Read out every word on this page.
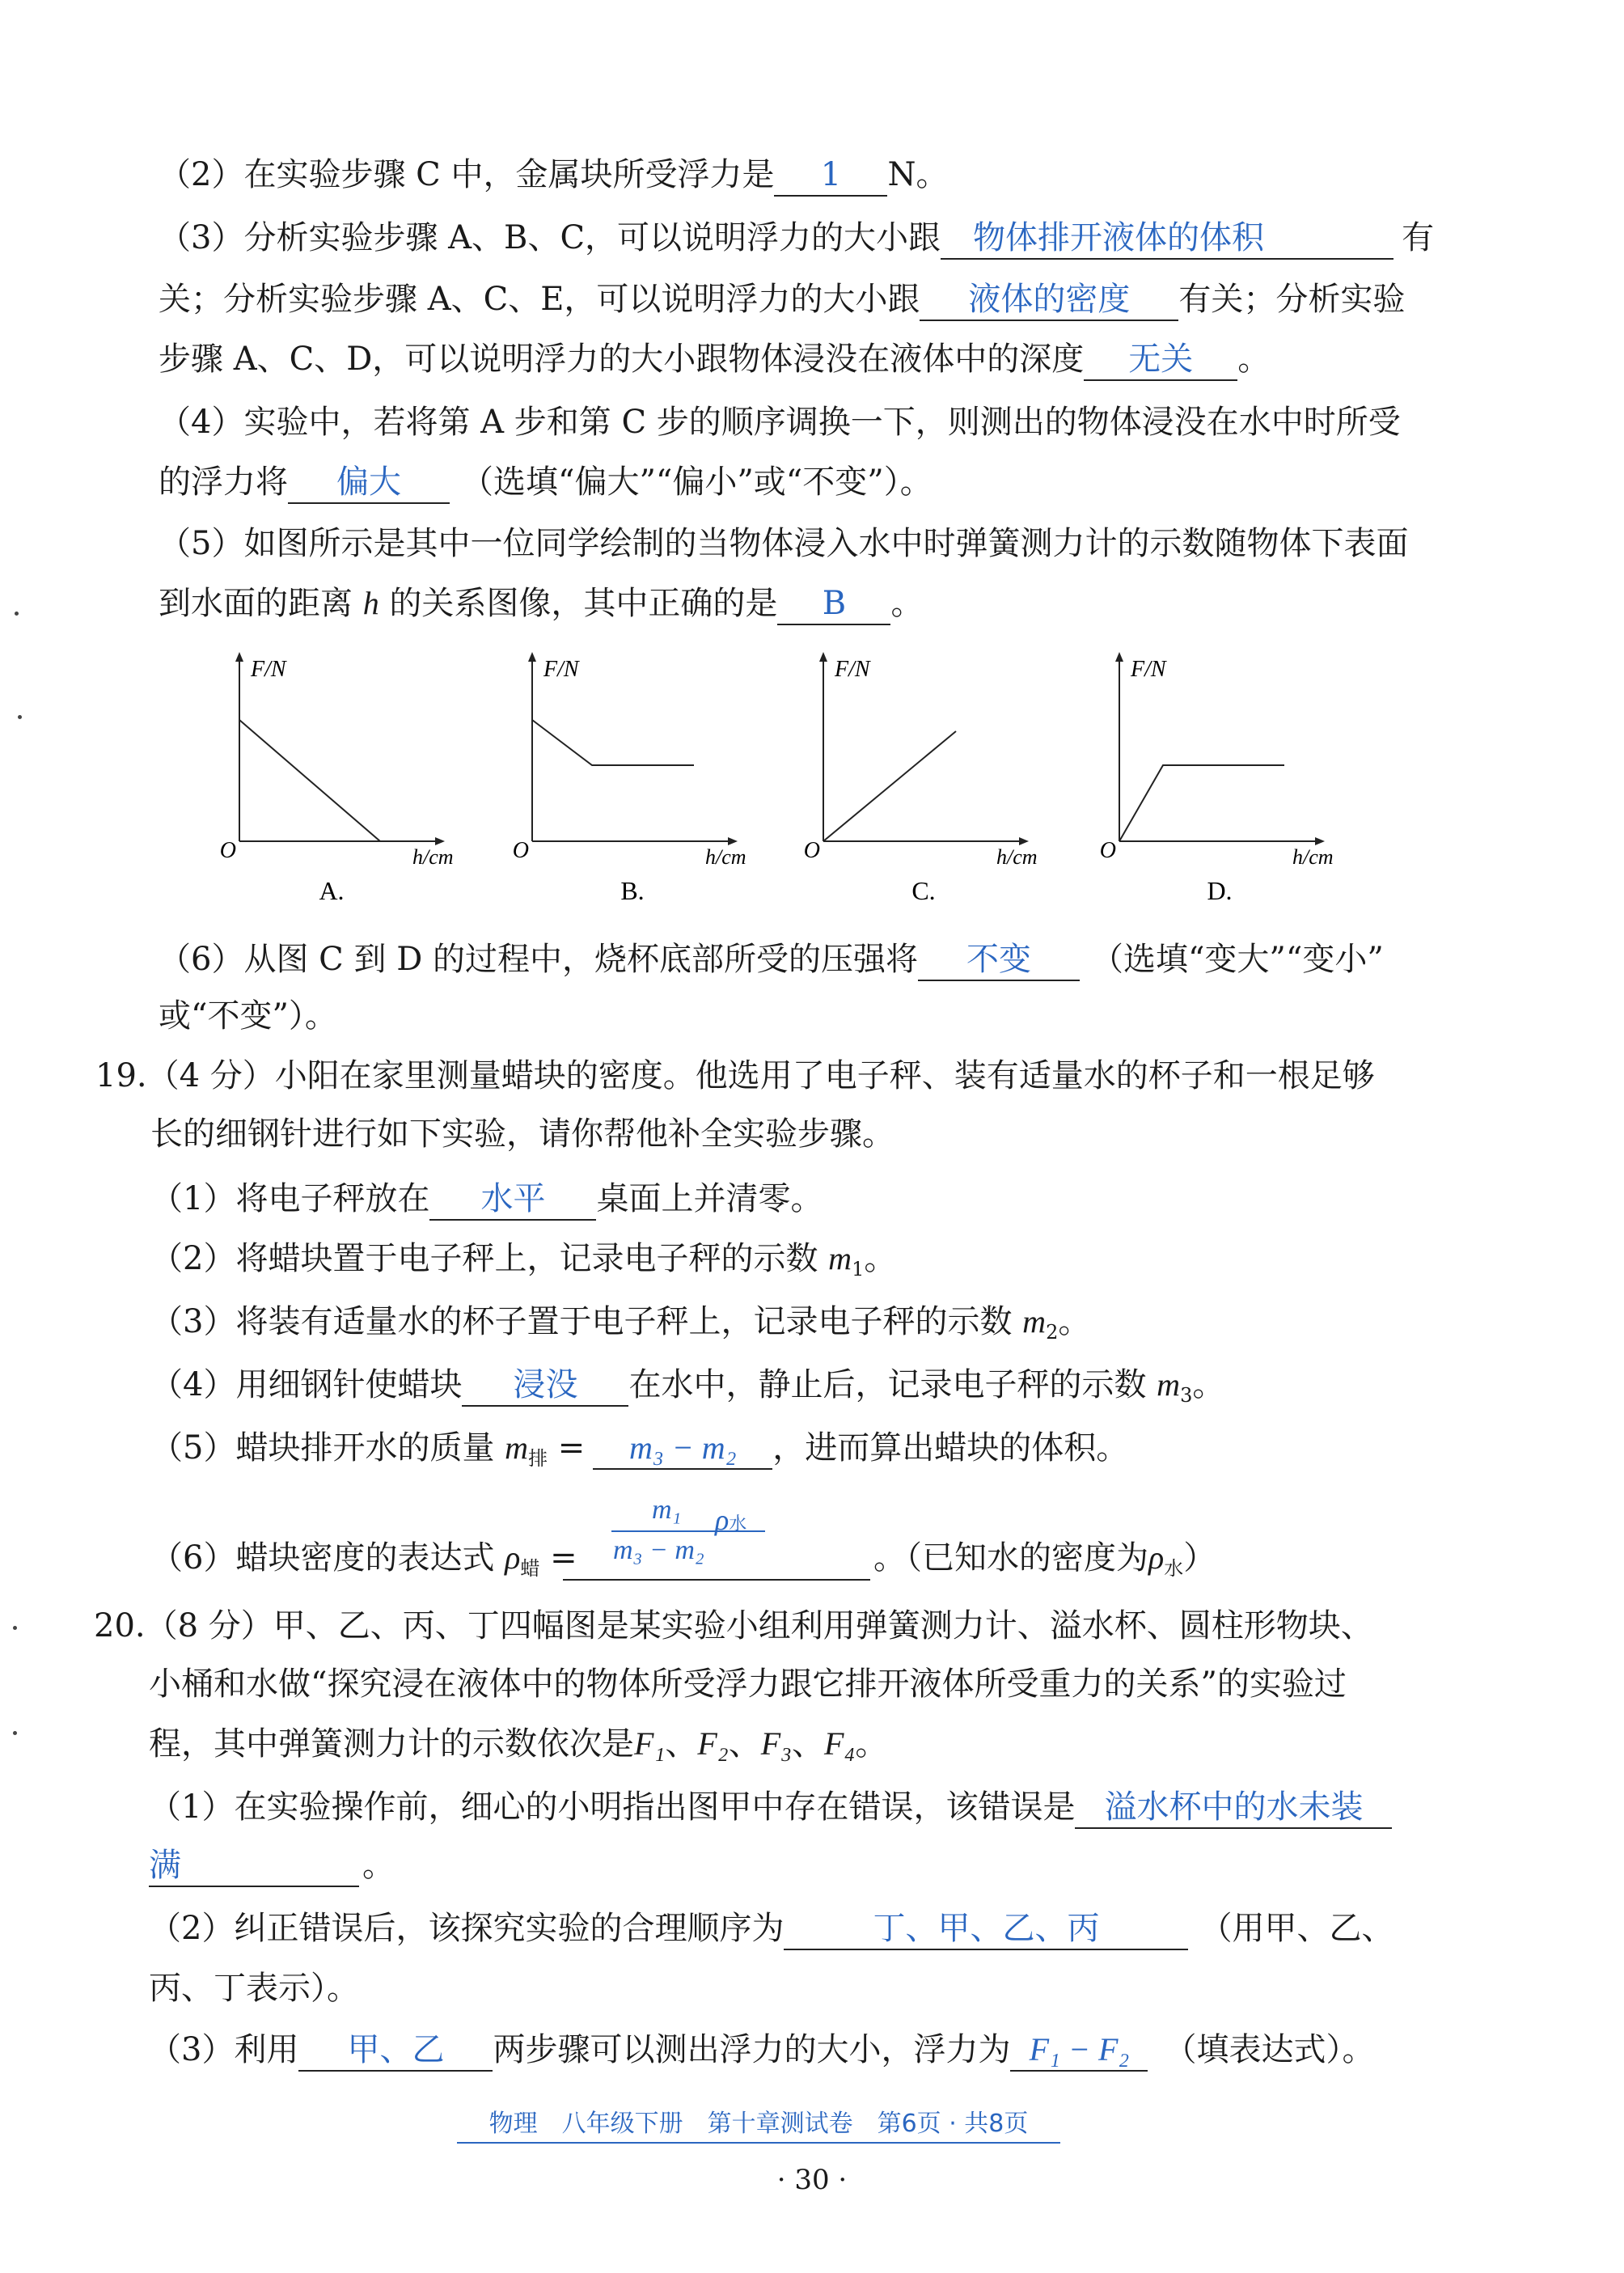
（2）在实验步骤 C 中，金属块所受浮力是 1 N。
（3）分析实验步骤 A、B、C，可以说明浮力的大小跟 物体排开液体的体积	有
关；分析实验步骤 A、C、E，可以说明浮力的大小跟 液体的密度 有关；分析实验
步骤 A、C、D，可以说明浮力的大小跟物体浸没在液体中的深度 无关 。
（4）实验中，若将第 A 步和第 C 步的顺序调换一下，则测出的物体浸没在水中时所受
的浮力将 偏大 （选填“偏大”“偏小”或“不变”）。
（5）如图所示是其中一位同学绘制的当物体浸入水中时弹簧测力计的示数随物体下表面
到水面的距离 h 的关系图像，其中正确的是 B 。
F/N
O	h/cm
A.
F/N
O	h/cm
B.
F/N
O	h/cm
C.
F/N
O	h/cm
D.
（6）从图 C 到 D 的过程中，烧杯底部所受的压强将 不变 （选填“变大”“变小”
或“不变”）。
19.（4 分）小阳在家里测量蜡块的密度。他选用了电子秤、装有适量水的杯子和一根足够
长的细钢针进行如下实验，请你帮他补全实验步骤。
（1）将电子秤放在 水平 桌面上并清零。
（2）将蜡块置于电子秤上，记录电子秤的示数 $m_1$。
（3）将装有适量水的杯子置于电子秤上，记录电子秤的示数 $m_2$。
（4）用细钢针使蜡块 浸没 在水中，静止后，记录电子秤的示数 $m_3$。
（5）蜡块排开水的质量 $m_排 = m_3 - m_2$ ，进而算出蜡块的体积。
（6）蜡块密度的表达式 $\rho_蜡$ =
m₁
m₃ − m₂
ρ水
。（已知水的密度为$\rho_水$）
20.（8 分）甲、乙、丙、丁四幅图是某实验小组利用弹簧测力计、溢水杯、圆柱形物块、
小桶和水做“探究浸在液体中的物体所受浮力跟它排开液体所受重力的关系”的实验过
程，其中弹簧测力计的示数依次是F₁、F₂、F₃、F₄。
（1）在实验操作前，细心的小明指出图甲中存在错误，该错误是 溢水杯中的水未装
满	。
（2）纠正错误后，该探究实验的合理顺序为	丁、甲、乙、丙	（用甲、乙、
丙、丁表示）。
（3）利用 甲、乙 两步骤可以测出浮力的大小，浮力为 F₁ − F₂ （填表达式）。
物理　八年级下册　第十章测试卷　第6页 · 共8页
· 30 ·
